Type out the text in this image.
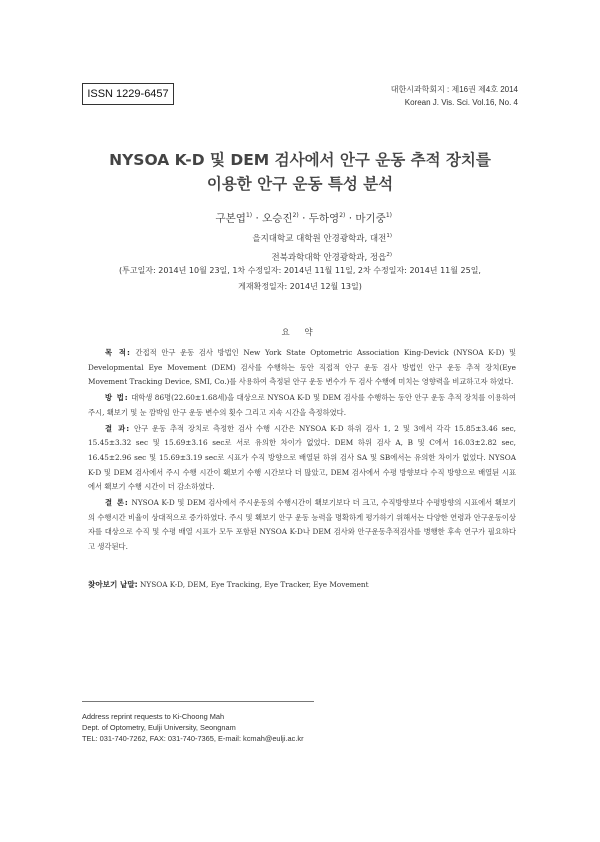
ISSN 1229-6457	대한시과학회지 : 제16권 제4호 2014
Korean J. Vis. Sci. Vol.16, No. 4
NYSOA K-D 및 DEM 검사에서 안구 운동 추적 장치를
이용한 안구 운동 특성 분석
구본엽$^{1)}$ · 오승진$^{2)}$ · 두하영$^{2)}$ · 마기중$^{1)}$
을지대학교 대학원 안경광학과, 대전$^{1)}$
전북과학대학 안경광학과, 정읍$^{2)}$
(투고일자: 2014년 10월 23일, 1차 수정일자: 2014년 11월 11일, 2차 수정일자: 2014년 11월 25일,
게재확정일자: 2014년 12월 13일)
요 약

목 적: 간접적 안구 운동 검사 방법인 New York State Optometric Association King-Devick (NYSOA K-D) 및 Developmental Eye Movement (DEM) 검사를 수행하는 동안 직접적 안구 운동 검사 방법인 안구 운동 추적 장치(Eye Movement Tracking Device, SMI, Co.)를 사용하여 측정된 안구 운동 변수가 두 검사 수행에 미치는 영향력을 비교하고자 하였다.

방 법: 대학생 86명(22.60±1.68세)을 대상으로 NYSOA K-D 및 DEM 검사를 수행하는 동안 안구 운동 추적 장치를 이용하여 주시, 홱보기 및 눈 깜박임 안구 운동 변수의 횟수 그리고 지속 시간을 측정하였다.

결 과: 안구 운동 추적 장치로 측정한 검사 수행 시간은 NYSOA K-D 하위 검사 1, 2 및 3에서 각각 15.85±3.46 sec, 15.45±3.32 sec 및 15.69±3.16 sec로 서로 유의한 차이가 없었다. DEM 하위 검사 A, B 및 C에서 16.03±2.82 sec, 16.45±2.96 sec 및 15.69±3.19 sec로 시표가 수직 방향으로 배열된 하위 검사 SA 및 SB에서는 유의한 차이가 없었다. NYSOA K-D 및 DEM 검사에서 주시 수행 시간이 홱보기 수행 시간보다 더 많았고, DEM 검사에서 수평 방향보다 수직 방향으로 배열된 시표에서 홱보기 수행 시간이 더 감소하였다.

결 론: NYSOA K-D 및 DEM 검사에서 주시운동의 수행시간이 홱보기보다 더 크고, 수직방향보다 수평방향의 시표에서 홱보기의 수행시간 비율이 상대적으로 증가하였다. 주시 및 홱보기 안구 운동 능력을 명확하게 평가하기 위해서는 다양한 연령과 안구운동이상자를 대상으로 수직 및 수평 배열 시표가 모두 포함된 NYSOA K-D나 DEM 검사와 안구운동추적검사를 병행한 후속 연구가 필요하다고 생각된다.

찾아보기 낱말: NYSOA K-D, DEM, Eye Tracking, Eye Tracker, Eye Movement
Address reprint requests to Ki-Choong Mah
Dept. of Optometry, Eulji University, Seongnam
TEL: 031-740-7262, FAX: 031-740-7365, E-mail: kcmah@eulji.ac.kr
